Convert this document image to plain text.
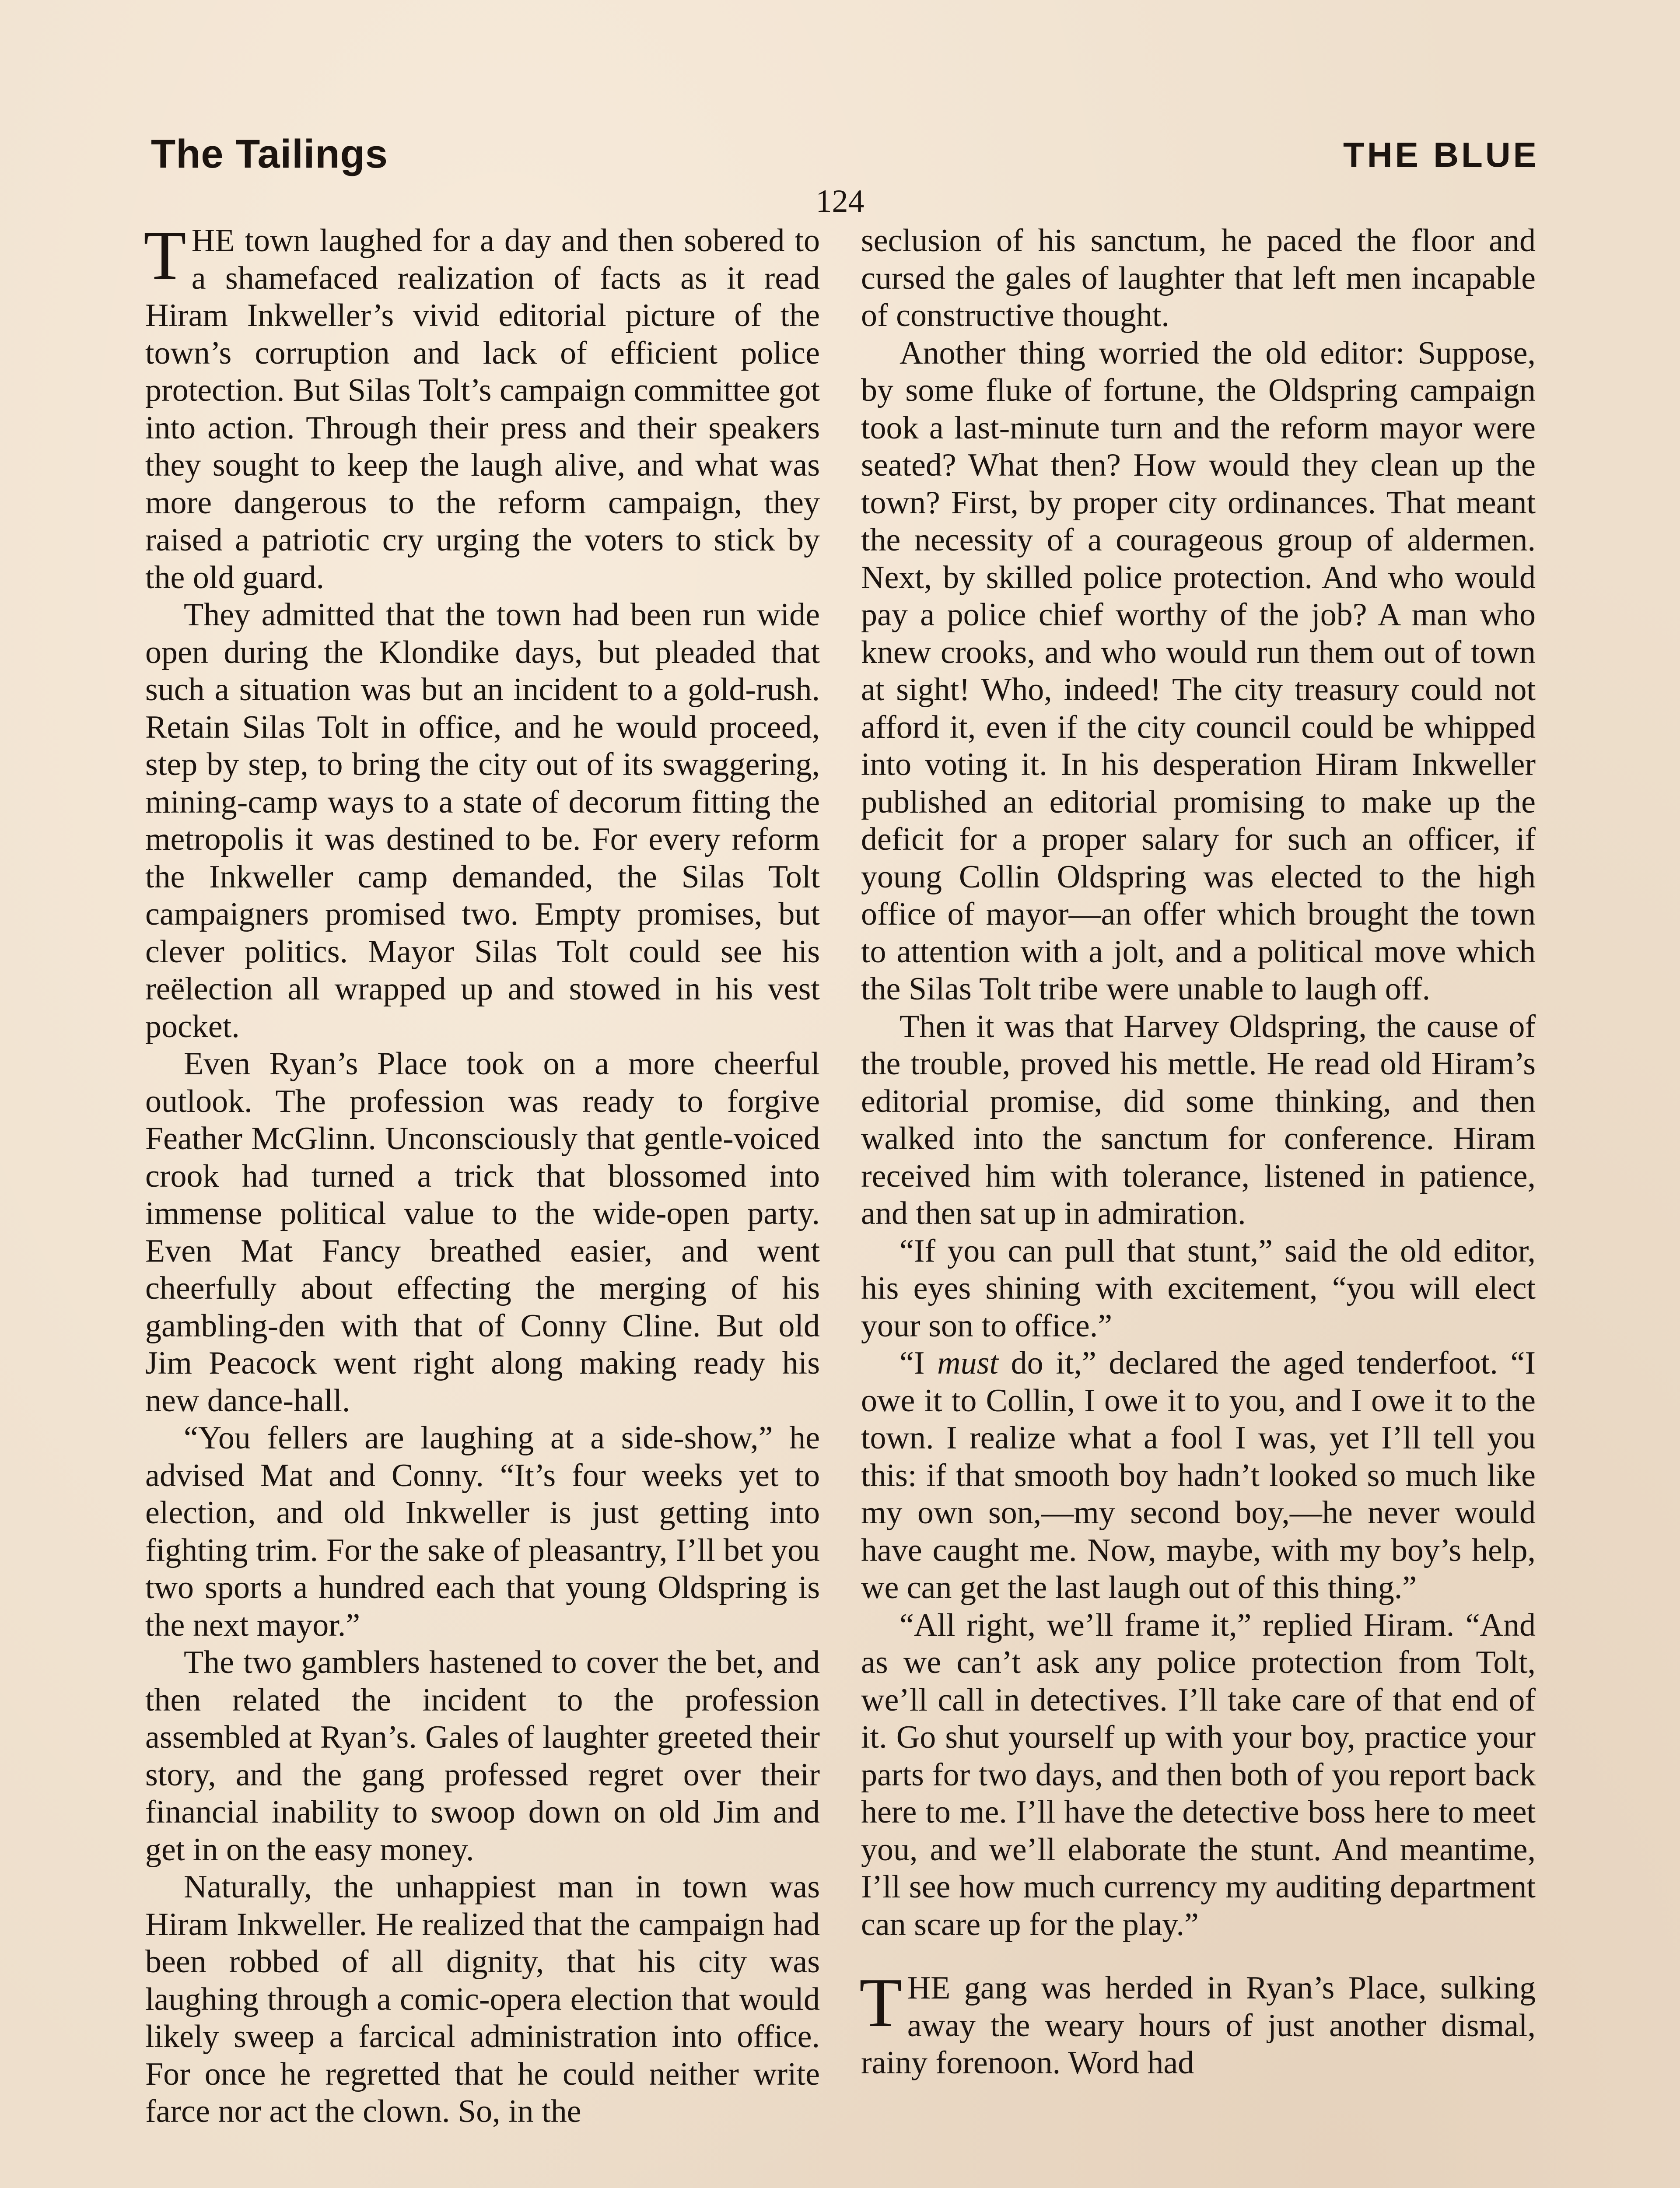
The Tailings	THE BLUE
124

THE town laughed for a day and then sobered to a shamefaced realization of facts as it read Hiram Inkweller’s vivid editorial picture of the town’s corruption and lack of efficient police protection. But Silas Tolt’s campaign committee got into action. Through their press and their speakers they sought to keep the laugh alive, and what was more dangerous to the reform campaign, they raised a patriotic cry urging the voters to stick by the old guard.

They admitted that the town had been run wide open during the Klondike days, but pleaded that such a situation was but an incident to a gold-rush. Retain Silas Tolt in office, and he would proceed, step by step, to bring the city out of its swaggering, mining-camp ways to a state of decorum fitting the metropolis it was destined to be. For every reform the Inkweller camp demanded, the Silas Tolt campaigners promised two. Empty promises, but clever politics. Mayor Silas Tolt could see his reëlection all wrapped up and stowed in his vest pocket.

Even Ryan’s Place took on a more cheerful outlook. The profession was ready to forgive Feather McGlinn. Unconsciously that gentle-voiced crook had turned a trick that blossomed into immense political value to the wide-open party. Even Mat Fancy breathed easier, and went cheerfully about effecting the merging of his gambling-den with that of Conny Cline. But old Jim Peacock went right along making ready his new dance-hall.

“You fellers are laughing at a side-show,” he advised Mat and Conny. “It’s four weeks yet to election, and old Inkweller is just getting into fighting trim. For the sake of pleasantry, I’ll bet you two sports a hundred each that young Oldspring is the next mayor.”

The two gamblers hastened to cover the bet, and then related the incident to the profession assembled at Ryan’s. Gales of laughter greeted their story, and the gang professed regret over their financial inability to swoop down on old Jim and get in on the easy money.

Naturally, the unhappiest man in town was Hiram Inkweller. He realized that the campaign had been robbed of all dignity, that his city was laughing through a comic-opera election that would likely sweep a farcical administration into office. For once he regretted that he could neither write farce nor act the clown. So, in the

seclusion of his sanctum, he paced the floor and cursed the gales of laughter that left men incapable of constructive thought.

Another thing worried the old editor: Suppose, by some fluke of fortune, the Oldspring campaign took a last-minute turn and the reform mayor were seated? What then? How would they clean up the town? First, by proper city ordinances. That meant the necessity of a courageous group of aldermen. Next, by skilled police protection. And who would pay a police chief worthy of the job? A man who knew crooks, and who would run them out of town at sight! Who, indeed! The city treasury could not afford it, even if the city council could be whipped into voting it. In his desperation Hiram Inkweller published an editorial promising to make up the deficit for a proper salary for such an officer, if young Collin Oldspring was elected to the high office of mayor—an offer which brought the town to attention with a jolt, and a political move which the Silas Tolt tribe were unable to laugh off.

Then it was that Harvey Oldspring, the cause of the trouble, proved his mettle. He read old Hiram’s editorial promise, did some thinking, and then walked into the sanctum for conference. Hiram received him with tolerance, listened in patience, and then sat up in admiration.

“If you can pull that stunt,” said the old editor, his eyes shining with excitement, “you will elect your son to office.”

“I must do it,” declared the aged tenderfoot. “I owe it to Collin, I owe it to you, and I owe it to the town. I realize what a fool I was, yet I’ll tell you this: if that smooth boy hadn’t looked so much like my own son,—my second boy,—he never would have caught me. Now, maybe, with my boy’s help, we can get the last laugh out of this thing.”

“All right, we’ll frame it,” replied Hiram. “And as we can’t ask any police protection from Tolt, we’ll call in detectives. I’ll take care of that end of it. Go shut yourself up with your boy, practice your parts for two days, and then both of you report back here to me. I’ll have the detective boss here to meet you, and we’ll elaborate the stunt. And meantime, I’ll see how much currency my auditing department can scare up for the play.”

THE gang was herded in Ryan’s Place, sulking away the weary hours of just another dismal, rainy forenoon. Word had
